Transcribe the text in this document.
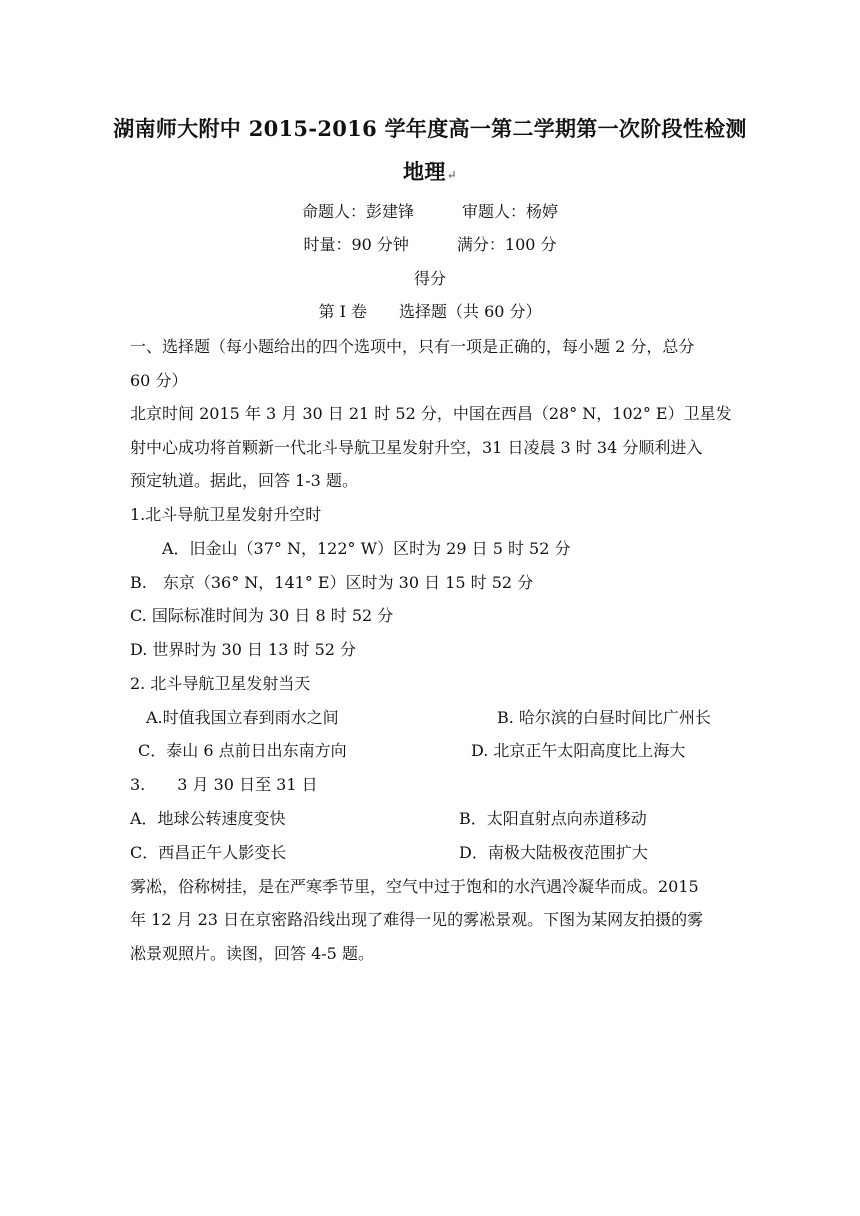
湖南师大附中 2015-2016 学年度高一第二学期第一次阶段性检测
地理↵
命题人：彭建锋　　　审题人：杨婷
时量：90 分钟　　　满分：100 分
得分
第 I 卷　　选择题（共 60 分）
一、选择题（每小题给出的四个选项中，只有一项是正确的，每小题 2 分，总分
60 分）
北京时间 2015 年 3 月 30 日 21 时 52 分，中国在西昌（28° N，102° E）卫星发
射中心成功将首颗新一代北斗导航卫星发射升空，31 日凌晨 3 时 34 分顺利进入
预定轨道。据此，回答 1-3 题。
1.北斗导航卫星发射升空时
A．旧金山（37° N，122° W）区时为 29 日 5 时 52 分
B.　东京（36° N，141° E）区时为 30 日 15 时 52 分
C. 国际标准时间为 30 日 8 时 52 分
D. 世界时为 30 日 13 时 52 分
2. 北斗导航卫星发射当天
A.时值我国立春到雨水之间	B. 哈尔滨的白昼时间比广州长
C．泰山 6 点前日出东南方向	D. 北京正午太阳高度比上海大
3.　　3 月 30 日至 31 日
A．地球公转速度变快	B．太阳直射点向赤道移动
C．西昌正午人影变长	D．南极大陆极夜范围扩大
雾凇，俗称树挂，是在严寒季节里，空气中过于饱和的水汽遇冷凝华而成。2015
年 12 月 23 日在京密路沿线出现了难得一见的雾凇景观。下图为某网友拍摄的雾
凇景观照片。读图，回答 4-5 题。
